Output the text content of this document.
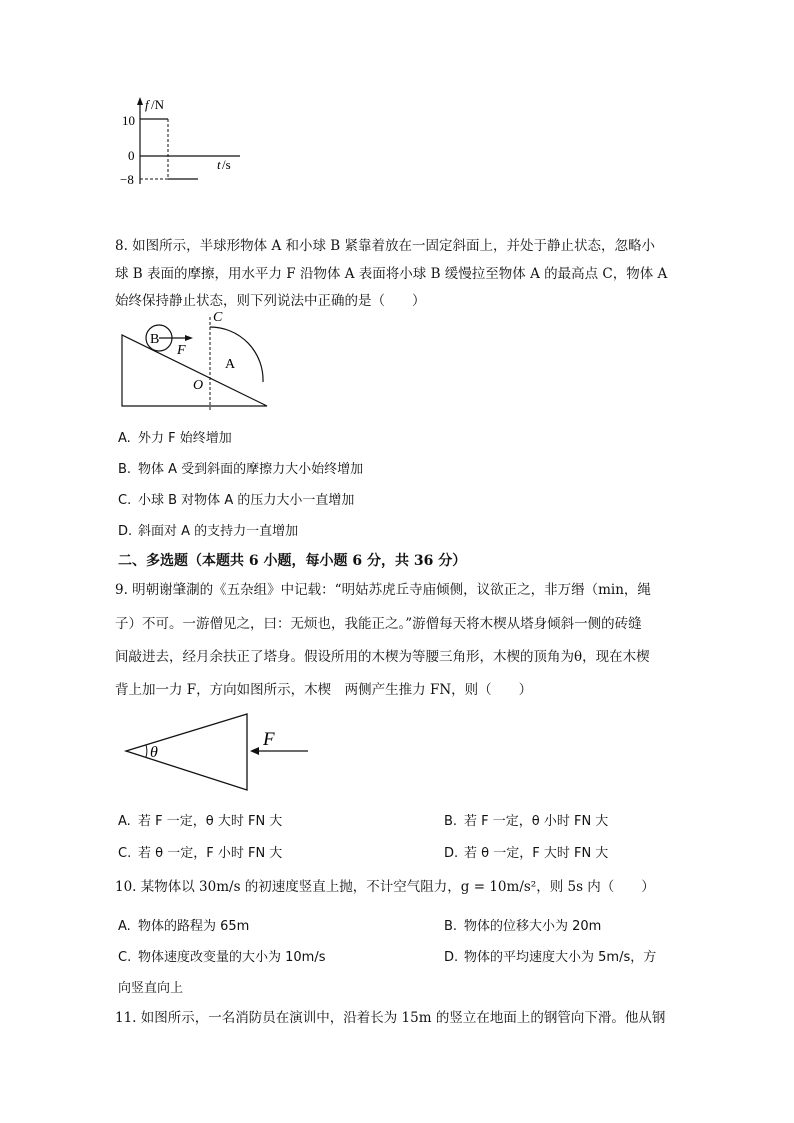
f /N
10
0
−8
t /s
8. 如图所示，半球形物体 A 和小球 B 紧靠着放在一固定斜面上，并处于静止状态，忽略小
球 B 表面的摩擦，用水平力 F 沿物体 A 表面将小球 B 缓慢拉至物体 A 的最高点 C，物体 A
始终保持静止状态，则下列说法中正确的是（　　）
C
B
F
A
O
A. 外力 F 始终增加
B. 物体 A 受到斜面的摩擦力大小始终增加
C. 小球 B 对物体 A 的压力大小一直增加
D. 斜面对 A 的支持力一直增加
二、多选题（本题共 6 小题，每小题 6 分，共 36 分）
9. 明朝谢肇淛的《五杂组》中记载：“明姑苏虎丘寺庙倾侧，议欲正之，非万缗（min，绳
子）不可。一游僧见之，曰：无烦也，我能正之。”游僧每天将木楔从塔身倾斜一侧的砖缝
间敲进去，经月余扶正了塔身。假设所用的木楔为等腰三角形，木楔的顶角为θ，现在木楔
背上加一力 F，方向如图所示，木楔　两侧产生推力 FN，则（　　）
θ
F
A. 若 F 一定，θ 大时 FN 大	B. 若 F 一定，θ 小时 FN 大
C. 若 θ 一定，F 小时 FN 大	D. 若 θ 一定，F 大时 FN 大
10. 某物体以 30m/s 的初速度竖直上抛，不计空气阻力，g = 10m/s²，则 5s 内（　　）
A. 物体的路程为 65m	B. 物体的位移大小为 20m
C. 物体速度改变量的大小为 10m/s	D. 物体的平均速度大小为 5m/s，方
向竖直向上
11. 如图所示，一名消防员在演训中，沿着长为 15m 的竖立在地面上的钢管向下滑。他从钢
